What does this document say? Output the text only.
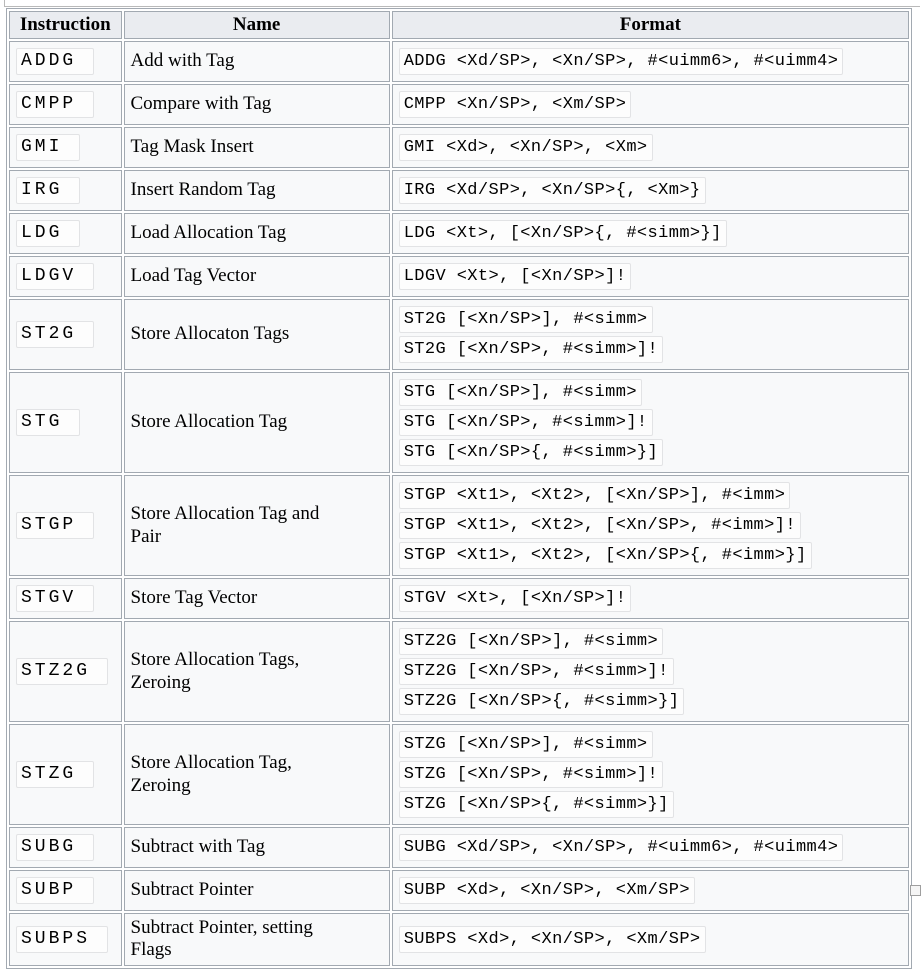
Instruction	Name	Format
ADDG	Add with Tag	ADDG <Xd/SP>, <Xn/SP>, #<uimm6>, #<uimm4>

CMPP	Compare with Tag	CMPP <Xn/SP>, <Xm/SP>

GMI	Tag Mask Insert	GMI <Xd>, <Xn/SP>, <Xm>

IRG	Insert Random Tag	IRG <Xd/SP>, <Xn/SP>{, <Xm>}

LDG	Load Allocation Tag	LDG <Xt>, [<Xn/SP>{, #<simm>}]

LDGV	Load Tag Vector	LDGV <Xt>, [<Xn/SP>]!

ST2G	Store Allocaton Tags	ST2G [<Xn/SP>], #<simm>
ST2G [<Xn/SP>, #<simm>]!

STG	Store Allocation Tag	STG [<Xn/SP>], #<simm>
STG [<Xn/SP>, #<simm>]!
STG [<Xn/SP>{, #<simm>}]

STGP	Store Allocation Tag and Pair	STGP <Xt1>, <Xt2>, [<Xn/SP>], #<imm>
STGP <Xt1>, <Xt2>, [<Xn/SP>, #<imm>]!
STGP <Xt1>, <Xt2>, [<Xn/SP>{, #<imm>}]

STGV	Store Tag Vector	STGV <Xt>, [<Xn/SP>]!

STZ2G	Store Allocation Tags, Zeroing	STZ2G [<Xn/SP>], #<simm>
STZ2G [<Xn/SP>, #<simm>]!
STZ2G [<Xn/SP>{, #<simm>}]

STZG	Store Allocation Tag, Zeroing	STZG [<Xn/SP>], #<simm>
STZG [<Xn/SP>, #<simm>]!
STZG [<Xn/SP>{, #<simm>}]

SUBG	Subtract with Tag	SUBG <Xd/SP>, <Xn/SP>, #<uimm6>, #<uimm4>

SUBP	Subtract Pointer	SUBP <Xd>, <Xn/SP>, <Xm/SP>

SUBPS	Subtract Pointer, setting Flags	SUBPS <Xd>, <Xn/SP>, <Xm/SP>
